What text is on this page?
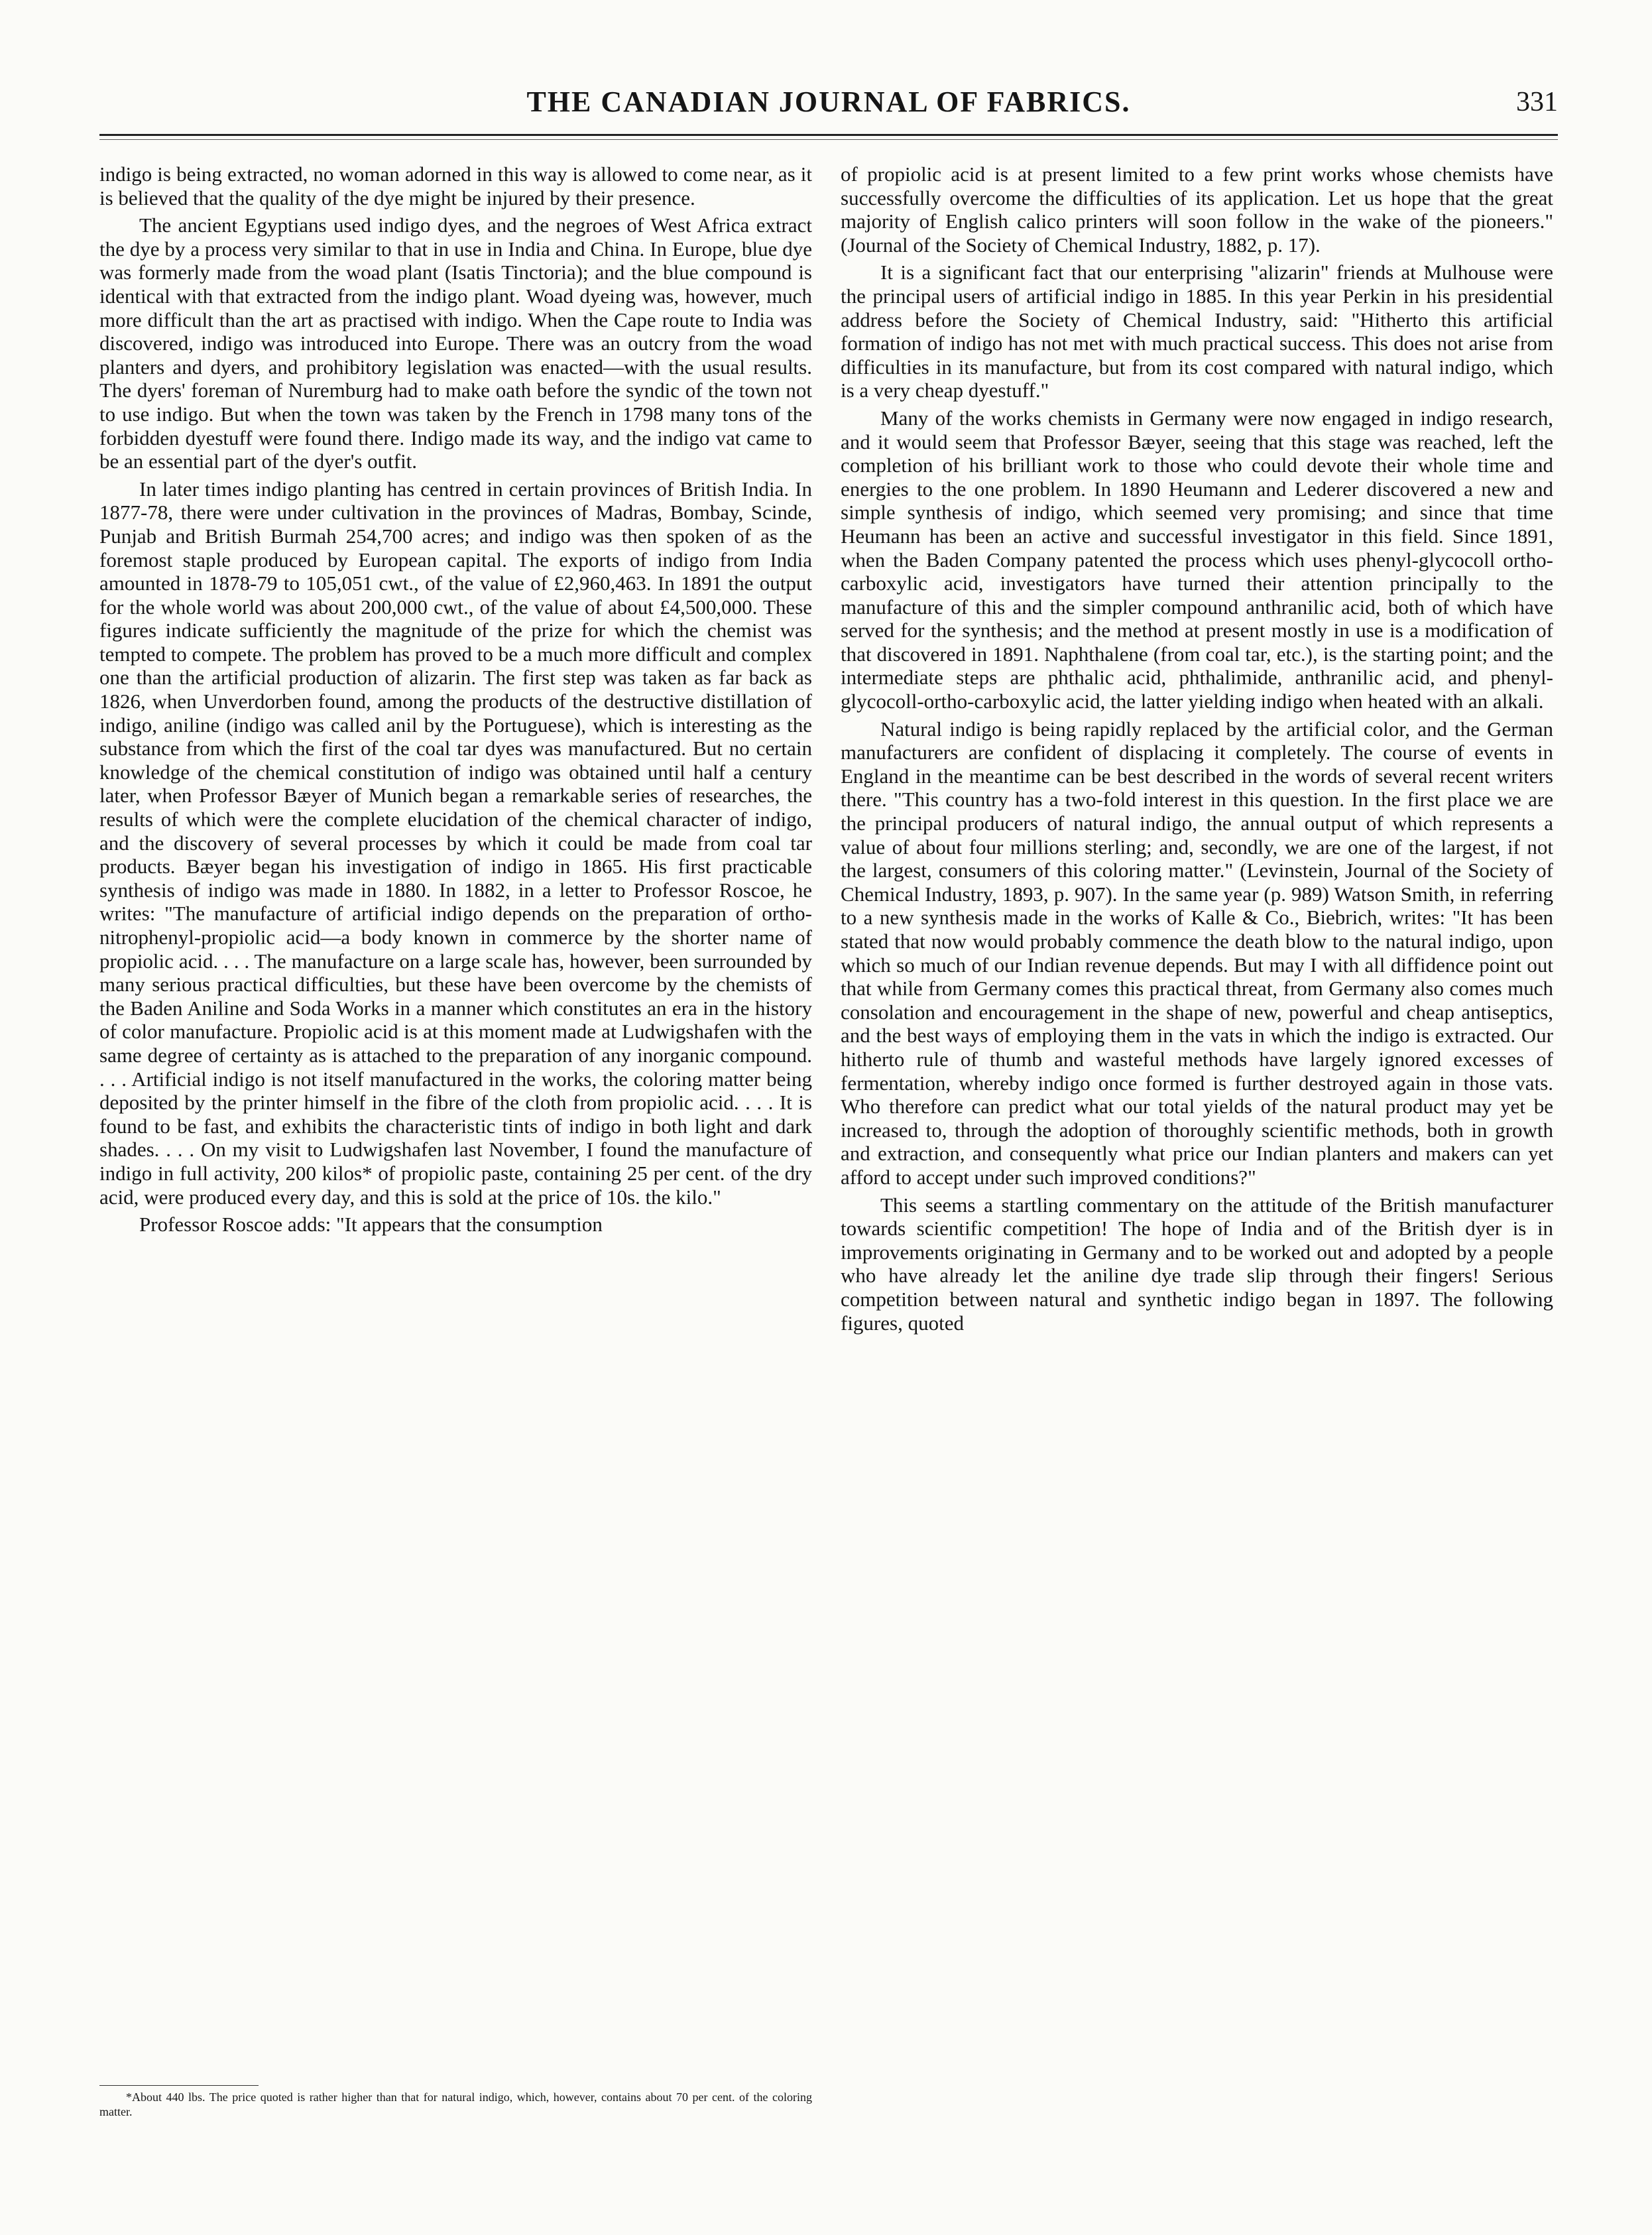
THE CANADIAN JOURNAL OF FABRICS.	331

indigo is being extracted, no woman adorned in this way is allowed to come near, as it is believed that the quality of the dye might be injured by their presence.

The ancient Egyptians used indigo dyes, and the negroes of West Africa extract the dye by a process very similar to that in use in India and China. In Europe, blue dye was formerly made from the woad plant (Isatis Tinctoria); and the blue compound is identical with that extracted from the indigo plant. Woad dyeing was, however, much more difficult than the art as practised with indigo. When the Cape route to India was discovered, indigo was introduced into Europe. There was an outcry from the woad planters and dyers, and prohibitory legislation was enacted—with the usual results. The dyers' foreman of Nuremburg had to make oath before the syndic of the town not to use indigo. But when the town was taken by the French in 1798 many tons of the forbidden dyestuff were found there. Indigo made its way, and the indigo vat came to be an essential part of the dyer's outfit.

In later times indigo planting has centred in certain provinces of British India. In 1877-78, there were under cultivation in the provinces of Madras, Bombay, Scinde, Punjab and British Burmah 254,700 acres; and indigo was then spoken of as the foremost staple produced by European capital. The exports of indigo from India amounted in 1878-79 to 105,051 cwt., of the value of £2,960,463. In 1891 the output for the whole world was about 200,000 cwt., of the value of about £4,500,000. These figures indicate sufficiently the magnitude of the prize for which the chemist was tempted to compete. The problem has proved to be a much more difficult and complex one than the artificial production of alizarin. The first step was taken as far back as 1826, when Unverdorben found, among the products of the destructive distillation of indigo, aniline (indigo was called anil by the Portuguese), which is interesting as the substance from which the first of the coal tar dyes was manufactured. But no certain knowledge of the chemical constitution of indigo was obtained until half a century later, when Professor Bæyer of Munich began a remarkable series of researches, the results of which were the complete elucidation of the chemical character of indigo, and the discovery of several processes by which it could be made from coal tar products. Bæyer began his investigation of indigo in 1865. His first practicable synthesis of indigo was made in 1880. In 1882, in a letter to Professor Roscoe, he writes: "The manufacture of artificial indigo depends on the preparation of ortho-nitrophenyl-propiolic acid—a body known in commerce by the shorter name of propiolic acid. . . . The manufacture on a large scale has, however, been surrounded by many serious practical difficulties, but these have been overcome by the chemists of the Baden Aniline and Soda Works in a manner which constitutes an era in the history of color manufacture. Propiolic acid is at this moment made at Ludwigshafen with the same degree of certainty as is attached to the preparation of any inorganic compound. . . . Artificial indigo is not itself manufactured in the works, the coloring matter being deposited by the printer himself in the fibre of the cloth from propiolic acid. . . . It is found to be fast, and exhibits the characteristic tints of indigo in both light and dark shades. . . . On my visit to Ludwigshafen last November, I found the manufacture of indigo in full activity, 200 kilos* of propiolic paste, containing 25 per cent. of the dry acid, were produced every day, and this is sold at the price of 10s. the kilo."

Professor Roscoe adds: "It appears that the consumption

*About 440 lbs. The price quoted is rather higher than that for natural indigo, which, however, contains about 70 per cent. of the coloring matter.

of propiolic acid is at present limited to a few print works whose chemists have successfully overcome the difficulties of its application. Let us hope that the great majority of English calico printers will soon follow in the wake of the pioneers." (Journal of the Society of Chemical Industry, 1882, p. 17).

It is a significant fact that our enterprising "alizarin" friends at Mulhouse were the principal users of artificial indigo in 1885. In this year Perkin in his presidential address before the Society of Chemical Industry, said: "Hitherto this artificial formation of indigo has not met with much practical success. This does not arise from difficulties in its manufacture, but from its cost compared with natural indigo, which is a very cheap dyestuff."

Many of the works chemists in Germany were now engaged in indigo research, and it would seem that Professor Bæyer, seeing that this stage was reached, left the completion of his brilliant work to those who could devote their whole time and energies to the one problem. In 1890 Heumann and Lederer discovered a new and simple synthesis of indigo, which seemed very promising; and since that time Heumann has been an active and successful investigator in this field. Since 1891, when the Baden Company patented the process which uses phenyl-glycocoll ortho-carboxylic acid, investigators have turned their attention principally to the manufacture of this and the simpler compound anthranilic acid, both of which have served for the synthesis; and the method at present mostly in use is a modification of that discovered in 1891. Naphthalene (from coal tar, etc.), is the starting point; and the intermediate steps are phthalic acid, phthalimide, anthranilic acid, and phenyl-glycocoll-ortho-carboxylic acid, the latter yielding indigo when heated with an alkali.

Natural indigo is being rapidly replaced by the artificial color, and the German manufacturers are confident of displacing it completely. The course of events in England in the meantime can be best described in the words of several recent writers there. "This country has a two-fold interest in this question. In the first place we are the principal producers of natural indigo, the annual output of which represents a value of about four millions sterling; and, secondly, we are one of the largest, if not the largest, consumers of this coloring matter." (Levinstein, Journal of the Society of Chemical Industry, 1893, p. 907). In the same year (p. 989) Watson Smith, in referring to a new synthesis made in the works of Kalle & Co., Biebrich, writes: "It has been stated that now would probably commence the death blow to the natural indigo, upon which so much of our Indian revenue depends. But may I with all diffidence point out that while from Germany comes this practical threat, from Germany also comes much consolation and encouragement in the shape of new, powerful and cheap antiseptics, and the best ways of employing them in the vats in which the indigo is extracted. Our hitherto rule of thumb and wasteful methods have largely ignored excesses of fermentation, whereby indigo once formed is further destroyed again in those vats. Who therefore can predict what our total yields of the natural product may yet be increased to, through the adoption of thoroughly scientific methods, both in growth and extraction, and consequently what price our Indian planters and makers can yet afford to accept under such improved conditions?"

This seems a startling commentary on the attitude of the British manufacturer towards scientific competition! The hope of India and of the British dyer is in improvements originating in Germany and to be worked out and adopted by a people who have already let the aniline dye trade slip through their fingers! Serious competition between natural and synthetic indigo began in 1897. The following figures, quoted
